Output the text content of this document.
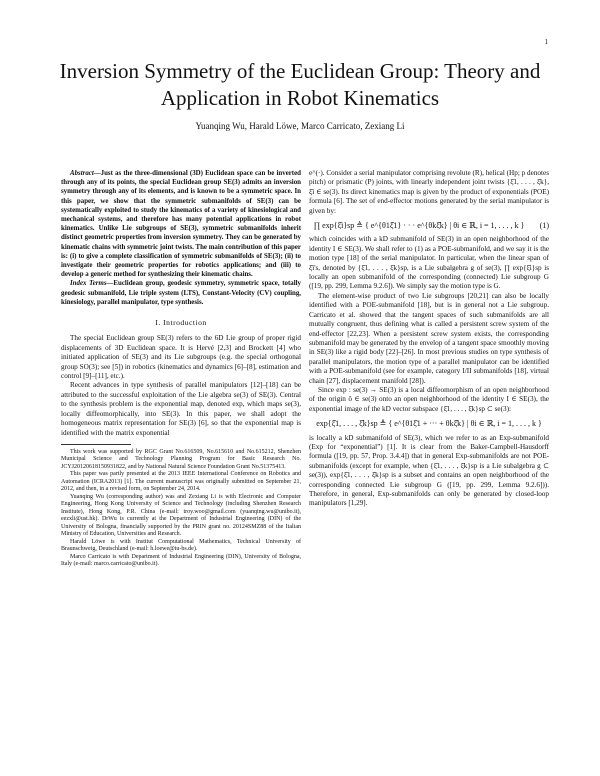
1
Inversion Symmetry of the Euclidean Group: Theory and Application in Robot Kinematics
Yuanqing Wu, Harald Löwe, Marco Carricato, Zexiang Li

Abstract—Just as the three-dimensional (3D) Euclidean space can be inverted through any of its points, the special Euclidean group SE(3) admits an inversion symmetry through any of its elements, and is known to be a symmetric space. In this paper, we show that the symmetric submanifolds of SE(3) can be systematically exploited to study the kinematics of a variety of kinesiological and mechanical systems, and therefore has many potential applications in robot kinematics. Unlike Lie subgroups of SE(3), symmetric submanifolds inherit distinct geometric properties from inversion symmetry. They can be generated by kinematic chains with symmetric joint twists. The main contribution of this paper is: (i) to give a complete classification of symmetric submanifolds of SE(3); (ii) to investigate their geometric properties for robotics applications; and (iii) to develop a generic method for synthesizing their kinematic chains.

Index Terms—Euclidean group, geodesic symmetry, symmetric space, totally geodesic submanifold, Lie triple system (LTS), Constant-Velocity (CV) coupling, kinesiology, parallel manipulator, type synthesis.

I. Introduction

The special Euclidean group SE(3) refers to the 6D Lie group of proper rigid displacements of 3D Euclidean space. It is Hervé [2,3] and Brockett [4] who initiated application of SE(3) and its Lie subgroups (e.g. the special orthogonal group SO(3); see [5]) in robotics (kinematics and dynamics [6]–[8], estimation and control [9]–[11], etc.).

Recent advances in type synthesis of parallel manipulators [12]–[18] can be attributed to the successful exploitation of the Lie algebra se(3) of SE(3). Central to the synthesis problem is the exponential map, denoted exp, which maps se(3), locally diffeomorphically, into SE(3). In this paper, we shall adopt the homogeneous matrix representation for SE(3) [6], so that the exponential map is identified with the matrix exponential

This work was supported by RGC Grant No.616509, No.615610 and No.615212, Shenzhen Municipal Science and Technology Planning Program for Basic Research No. JCYJ20120618150931822, and by National Natural Science Foundation Grant No.51375413.

This paper was partly presented at the 2013 IEEE International Conference on Robotics and Automation (ICRA2013) [1]. The current manuscript was originally submitted on September 21, 2012, and then, in a revised form, on September 24, 2014.

Yuanqing Wu (corresponding author) was and Zexiang Li is with Electronic and Computer Engineering, Hong Kong University of Science and Technology (including Shenzhen Research Institute), Hong Kong, P.R. China (e-mail: troy.woo@gmail.com (yuanqing.wu@unibo.it), eezxli@ust.hk). DrWu is currently at the Department of Industrial Engineering (DIN) of the University of Bologna, financially supported by the PRIN grant no. 20124SMZ88 of the Italian Ministry of Education, Universities and Research.

Harald Löwe is with Institut Computational Mathematics, Technical University of Braunschweig, Deutschland (e-mail: h.loewe@tu-bs.de).

Marco Carricato is with Department of Industrial Engineering (DIN), University of Bologna, Italy (e-mail: marco.carricato@unibo.it).

e^(·). Consider a serial manipulator comprising revolute (R), helical (Hp; p denotes pitch) or prismatic (P) joints, with linearly independent joint twists {ξ̂1, . . . , ξ̂k}, ξ̂i ∈ se(3). Its direct kinematics map is given by the product of exponentials (POE) formula [6]. The set of end-effector motions generated by the serial manipulator is given by:

∏ exp{ξ̂i}sp ≜ { e^{θ1ξ̂1} · · · e^{θkξ̂k} | θi ∈ ℝ, i = 1, . . . , k }	(1)

which coincides with a kD submanifold of SE(3) in an open neighborhood of the identity I ∈ SE(3). We shall refer to (1) as a POE-submanifold, and we say it is the motion type [18] of the serial manipulator. In particular, when the linear span of ξ̂i's, denoted by {ξ̂1, . . . , ξ̂k}sp, is a Lie subalgebra g of se(3), ∏ exp{ξ̂i}sp is locally an open submanifold of the corresponding (connected) Lie subgroup G ([19, pp. 299, Lemma 9.2.6]). We simply say the motion type is G.

The element-wise product of two Lie subgroups [20,21] can also be locally identified with a POE-submanifold [18], but is in general not a Lie subgroup. Carricato et al. showed that the tangent spaces of such submanifolds are all mutually congruent, thus defining what is called a persistent screw system of the end-effector [22,23]. When a persistent screw system exists, the corresponding submanifold may be generated by the envelop of a tangent space smoothly moving in SE(3) like a rigid body [22]–[26]. In most previous studies on type synthesis of parallel manipulators, the motion type of a parallel manipulator can be identified with a POE-submanifold (see for example, category I/II submanifolds [18], virtual chain [27], displacement manifold [28]).

Since exp : se(3) → SE(3) is a local diffeomorphism of an open neighborhood of the origin ô ∈ se(3) onto an open neighborhood of the identity I ∈ SE(3), the exponential image of the kD vector subspace {ξ̂1, . . . , ξ̂k}sp ⊂ se(3):

exp{ξ̂1, . . . , ξ̂k}sp ≜ { e^{θ1ξ̂1 + ··· + θkξ̂k} | θi ∈ ℝ, i = 1, . . . , k }

is locally a kD submanifold of SE(3), which we refer to as an Exp-submanifold (Exp for “exponential”) [1]. It is clear from the Baker-Campbell-Hausdorff formula ([19, pp. 57, Prop. 3.4.4]) that in general Exp-submanifolds are not POE-submanifolds (except for example, when {ξ̂1, . . . , ξ̂k}sp is a Lie subalgebra g ⊂ se(3)), exp{ξ̂1, . . . , ξ̂k}sp is a subset and contains an open neighborhood of the corresponding connected Lie subgroup G ([19, pp. 299, Lemma 9.2.6])). Therefore, in general, Exp-submanifolds can only be generated by closed-loop manipulators [1,29].
